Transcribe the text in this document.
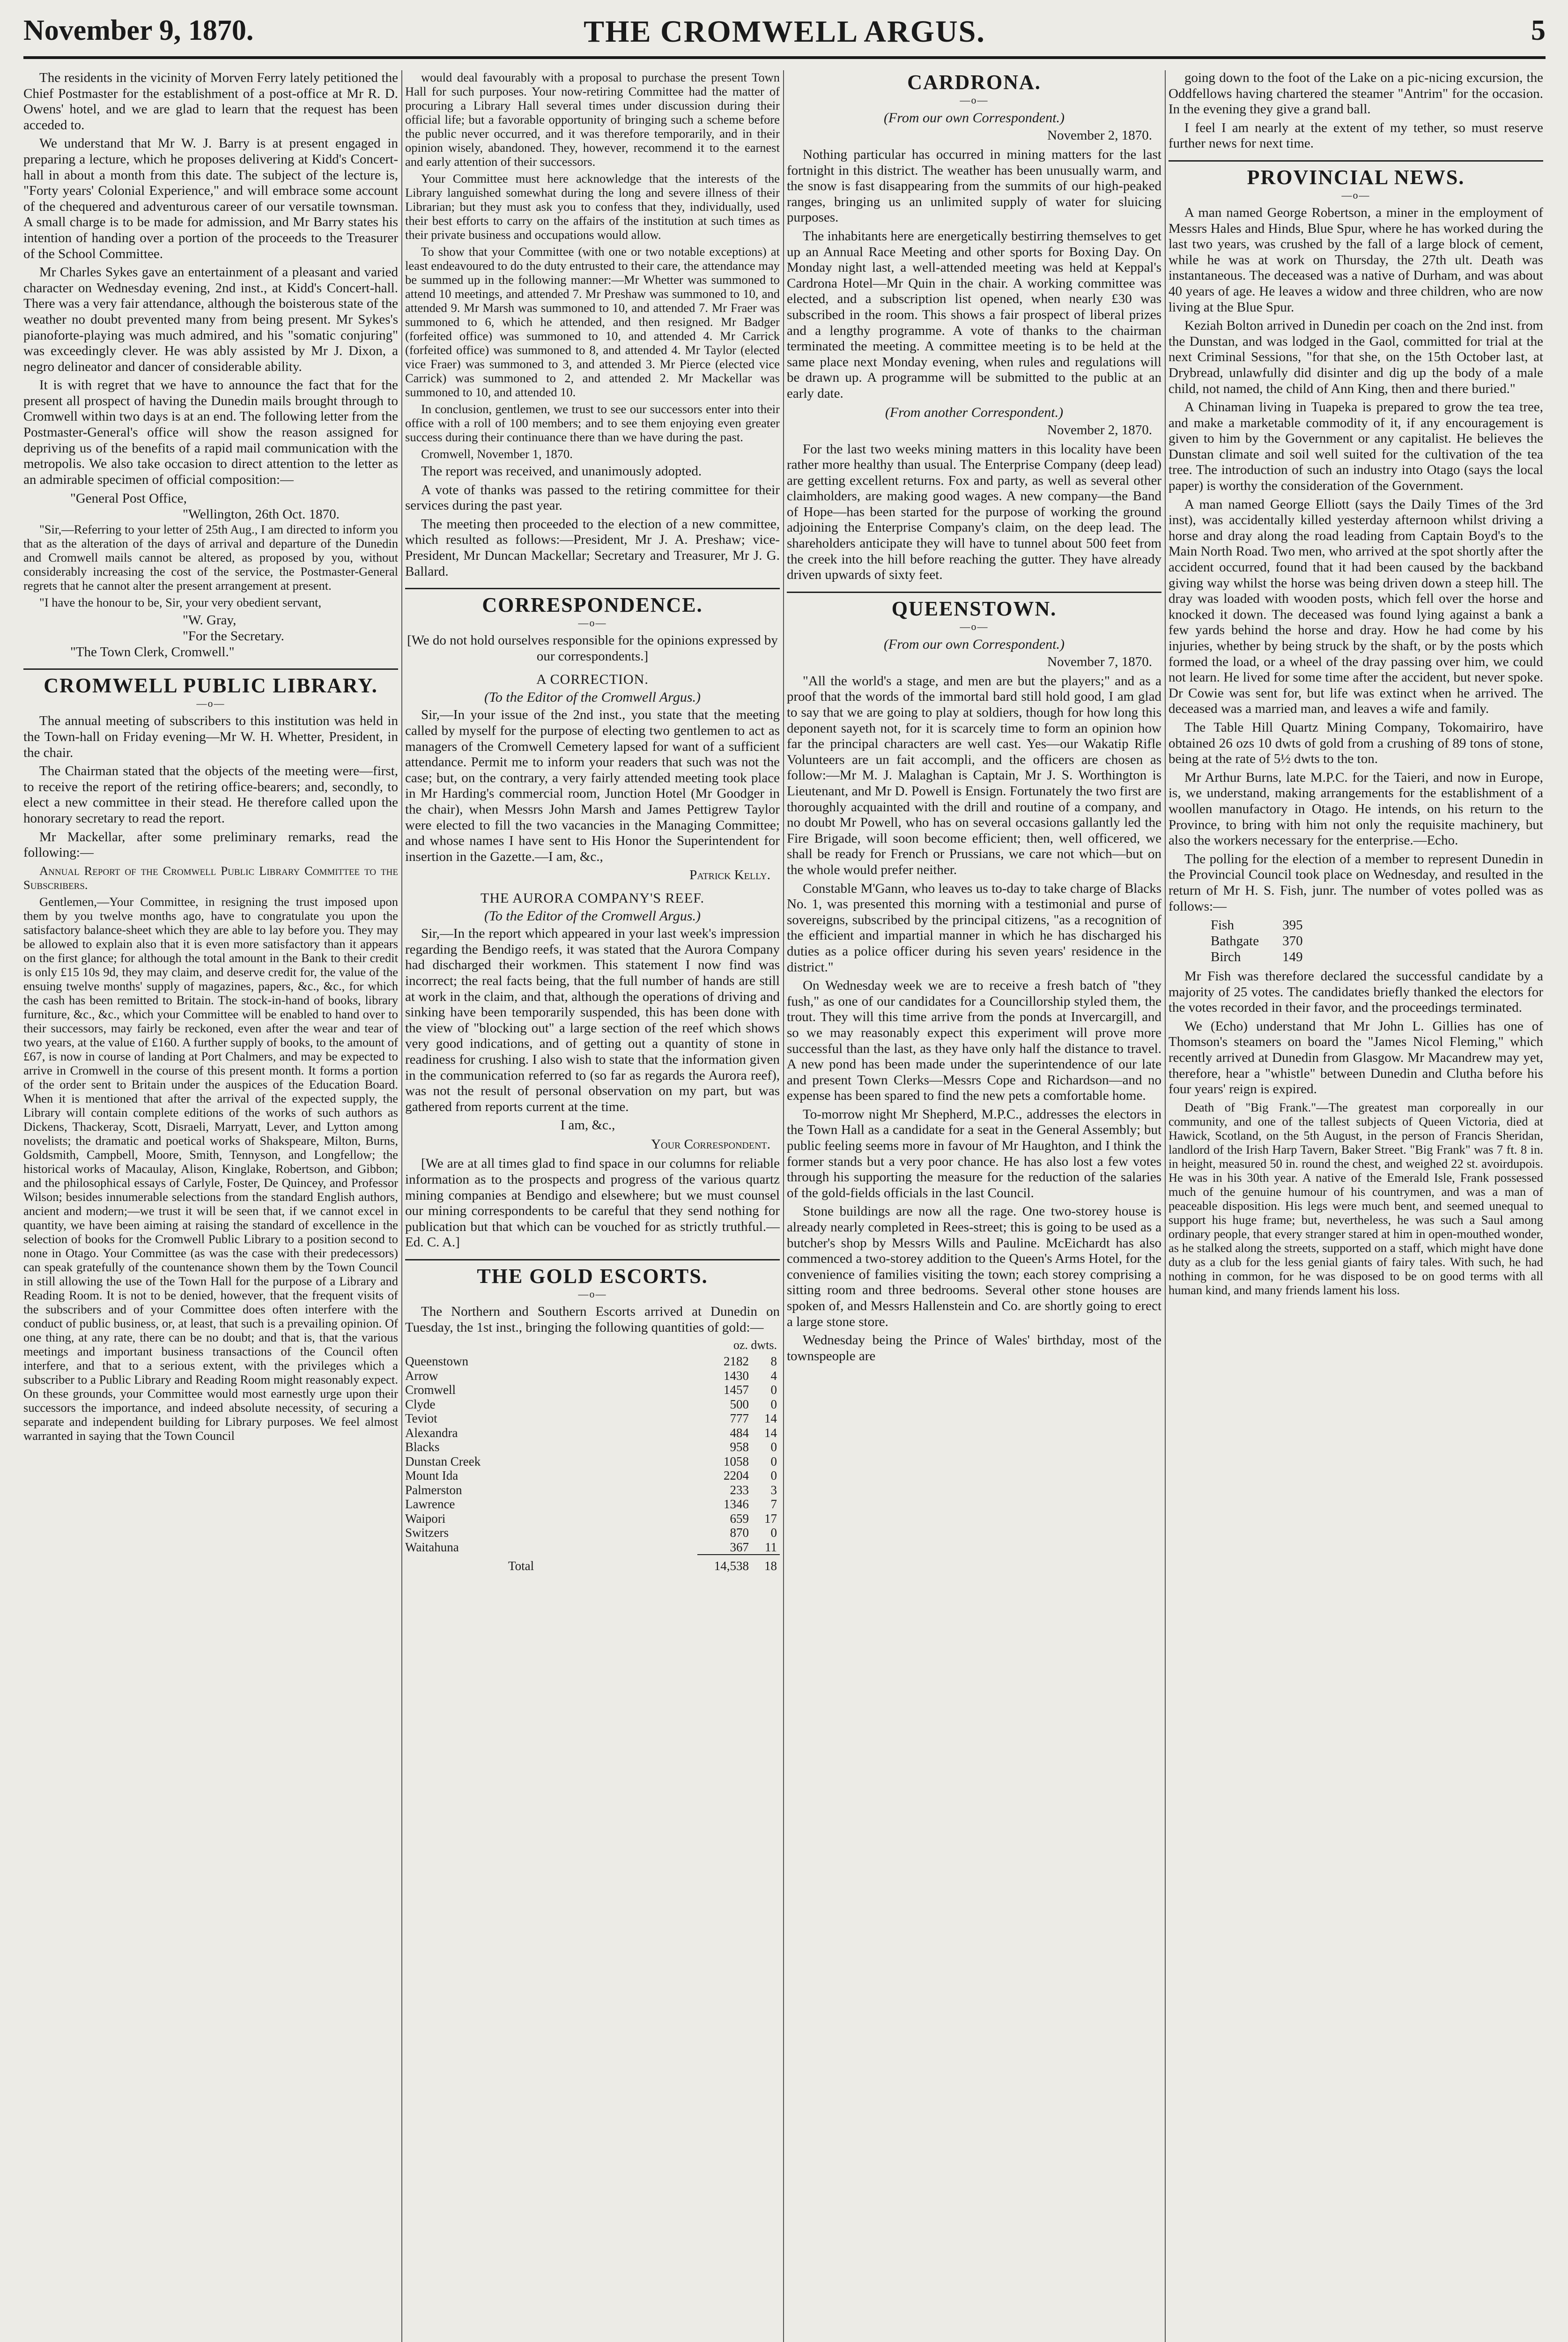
THE CROMWELL ARGUS.
November 9, 1870.	5

The residents in the vicinity of Morven Ferry lately petitioned the Chief Postmaster for the establishment of a post-office at Mr R. D. Owens' hotel, and we are glad to learn that the request has been acceded to.

We understand that Mr W. J. Barry is at present engaged in preparing a lecture, which he proposes delivering at Kidd's Concert-hall in about a month from this date. The subject of the lecture is, "Forty years' Colonial Experience," and will embrace some account of the chequered and adventurous career of our versatile townsman. A small charge is to be made for admission, and Mr Barry states his intention of handing over a portion of the proceeds to the Treasurer of the School Committee.

Mr Charles Sykes gave an entertainment of a pleasant and varied character on Wednesday evening, 2nd inst., at Kidd's Concert-hall. There was a very fair attendance, although the boisterous state of the weather no doubt prevented many from being present. Mr Sykes's pianoforte-playing was much admired, and his "somatic conjuring" was exceedingly clever. He was ably assisted by Mr J. Dixon, a negro delineator and dancer of considerable ability.

It is with regret that we have to announce the fact that for the present all prospect of having the Dunedin mails brought through to Cromwell within two days is at an end. The following letter from the Postmaster-General's office will show the reason assigned for depriving us of the benefits of a rapid mail communication with the metropolis. We also take occasion to direct attention to the letter as an admirable specimen of official composition:—

"General Post Office,

"Wellington, 26th Oct. 1870.

"Sir,—Referring to your letter of 25th Aug., I am directed to inform you that as the alteration of the days of arrival and departure of the Dunedin and Cromwell mails cannot be altered, as proposed by you, without considerably increasing the cost of the service, the Postmaster-General regrets that he cannot alter the present arrangement at present.

"I have the honour to be, Sir, your very obedient servant,

"W. Gray,

"For the Secretary.

"The Town Clerk, Cromwell."

CROMWELL PUBLIC LIBRARY.
—o—

The annual meeting of subscribers to this institution was held in the Town-hall on Friday evening—Mr W. H. Whetter, President, in the chair.

The Chairman stated that the objects of the meeting were—first, to receive the report of the retiring office-bearers; and, secondly, to elect a new committee in their stead. He therefore called upon the honorary secretary to read the report.

Mr Mackellar, after some preliminary remarks, read the following:—

Annual Report of the Cromwell Public Library Committee to the Subscribers.

Gentlemen,—Your Committee, in resigning the trust imposed upon them by you twelve months ago, have to congratulate you upon the satisfactory balance-sheet which they are able to lay before you. They may be allowed to explain also that it is even more satisfactory than it appears on the first glance; for although the total amount in the Bank to their credit is only £15 10s 9d, they may claim, and deserve credit for, the value of the ensuing twelve months' supply of magazines, papers, &c., &c., for which the cash has been remitted to Britain. The stock-in-hand of books, library furniture, &c., &c., which your Committee will be enabled to hand over to their successors, may fairly be reckoned, even after the wear and tear of two years, at the value of £160. A further supply of books, to the amount of £67, is now in course of landing at Port Chalmers, and may be expected to arrive in Cromwell in the course of this present month. It forms a portion of the order sent to Britain under the auspices of the Education Board. When it is mentioned that after the arrival of the expected supply, the Library will contain complete editions of the works of such authors as Dickens, Thackeray, Scott, Disraeli, Marryatt, Lever, and Lytton among novelists; the dramatic and poetical works of Shakspeare, Milton, Burns, Goldsmith, Campbell, Moore, Smith, Tennyson, and Longfellow; the historical works of Macaulay, Alison, Kinglake, Robertson, and Gibbon; and the philosophical essays of Carlyle, Foster, De Quincey, and Professor Wilson; besides innumerable selections from the standard English authors, ancient and modern;—we trust it will be seen that, if we cannot excel in quantity, we have been aiming at raising the standard of excellence in the selection of books for the Cromwell Public Library to a position second to none in Otago. Your Committee (as was the case with their predecessors) can speak gratefully of the countenance shown them by the Town Council in still allowing the use of the Town Hall for the purpose of a Library and Reading Room. It is not to be denied, however, that the frequent visits of the subscribers and of your Committee does often interfere with the conduct of public business, or, at least, that such is a prevailing opinion. Of one thing, at any rate, there can be no doubt; and that is, that the various meetings and important business transactions of the Council often interfere, and that to a serious extent, with the privileges which a subscriber to a Public Library and Reading Room might reasonably expect. On these grounds, your Committee would most earnestly urge upon their successors the importance, and indeed absolute necessity, of securing a separate and independent building for Library purposes. We feel almost warranted in saying that the Town Council

would deal favourably with a proposal to purchase the present Town Hall for such purposes. Your now-retiring Committee had the matter of procuring a Library Hall several times under discussion during their official life; but a favorable opportunity of bringing such a scheme before the public never occurred, and it was therefore temporarily, and in their opinion wisely, abandoned. They, however, recommend it to the earnest and early attention of their successors.

Your Committee must here acknowledge that the interests of the Library languished somewhat during the long and severe illness of their Librarian; but they must ask you to confess that they, individually, used their best efforts to carry on the affairs of the institution at such times as their private business and occupations would allow.

To show that your Committee (with one or two notable exceptions) at least endeavoured to do the duty entrusted to their care, the attendance may be summed up in the following manner:—Mr Whetter was summoned to attend 10 meetings, and attended 7. Mr Preshaw was summoned to 10, and attended 9. Mr Marsh was summoned to 10, and attended 7. Mr Fraer was summoned to 6, which he attended, and then resigned. Mr Badger (forfeited office) was summoned to 10, and attended 4. Mr Carrick (forfeited office) was summoned to 8, and attended 4. Mr Taylor (elected vice Fraer) was summoned to 3, and attended 3. Mr Pierce (elected vice Carrick) was summoned to 2, and attended 2. Mr Mackellar was summoned to 10, and attended 10.

In conclusion, gentlemen, we trust to see our successors enter into their office with a roll of 100 members; and to see them enjoying even greater success during their continuance there than we have during the past.

Cromwell, November 1, 1870.

The report was received, and unanimously adopted.

A vote of thanks was passed to the retiring committee for their services during the past year.

The meeting then proceeded to the election of a new committee, which resulted as follows:—President, Mr J. A. Preshaw; vice-President, Mr Duncan Mackellar; Secretary and Treasurer, Mr J. G. Ballard.

CORRESPONDENCE.
—o—

[We do not hold ourselves responsible for the opinions expressed by our correspondents.]

A CORRECTION.
(To the Editor of the Cromwell Argus.)

Sir,—In your issue of the 2nd inst., you state that the meeting called by myself for the purpose of electing two gentlemen to act as managers of the Cromwell Cemetery lapsed for want of a sufficient attendance. Permit me to inform your readers that such was not the case; but, on the contrary, a very fairly attended meeting took place in Mr Harding's commercial room, Junction Hotel (Mr Goodger in the chair), when Messrs John Marsh and James Pettigrew Taylor were elected to fill the two vacancies in the Managing Committee; and whose names I have sent to His Honor the Superintendent for insertion in the Gazette.—I am, &c.,

Patrick Kelly.
THE AURORA COMPANY'S REEF.
(To the Editor of the Cromwell Argus.)

Sir,—In the report which appeared in your last week's impression regarding the Bendigo reefs, it was stated that the Aurora Company had discharged their workmen. This statement I now find was incorrect; the real facts being, that the full number of hands are still at work in the claim, and that, although the operations of driving and sinking have been temporarily suspended, this has been done with the view of "blocking out" a large section of the reef which shows very good indications, and of getting out a quantity of stone in readiness for crushing. I also wish to state that the information given in the communication referred to (so far as regards the Aurora reef), was not the result of personal observation on my part, but was gathered from reports current at the time.

I am, &c.,
Your Correspondent.

[We are at all times glad to find space in our columns for reliable information as to the prospects and progress of the various quartz mining companies at Bendigo and elsewhere; but we must counsel our mining correspondents to be careful that they send nothing for publication but that which can be vouched for as strictly truthful.—Ed. C. A.]

THE GOLD ESCORTS.
—o—

The Northern and Southern Escorts arrived at Dunedin on Tuesday, the 1st inst., bringing the following quantities of gold:—

oz. dwts.
Queenstown	2182	8
Arrow	1430	4
Cromwell	1457	0
Clyde	500	0
Teviot	777	14
Alexandra	484	14
Blacks	958	0
Dunstan Creek	1058	0
Mount Ida	2204	0
Palmerston	233	3
Lawrence	1346	7
Waipori	659	17
Switzers	870	0
Waitahuna	367	11
Total	14,538	18
CARDRONA.
—o—
(From our own Correspondent.)
November 2, 1870.

Nothing particular has occurred in mining matters for the last fortnight in this district. The weather has been unusually warm, and the snow is fast disappearing from the summits of our high-peaked ranges, bringing us an unlimited supply of water for sluicing purposes.

The inhabitants here are energetically bestirring themselves to get up an Annual Race Meeting and other sports for Boxing Day. On Monday night last, a well-attended meeting was held at Keppal's Cardrona Hotel—Mr Quin in the chair. A working committee was elected, and a subscription list opened, when nearly £30 was subscribed in the room. This shows a fair prospect of liberal prizes and a lengthy programme. A vote of thanks to the chairman terminated the meeting. A committee meeting is to be held at the same place next Monday evening, when rules and regulations will be drawn up. A programme will be submitted to the public at an early date.

(From another Correspondent.)
November 2, 1870.

For the last two weeks mining matters in this locality have been rather more healthy than usual. The Enterprise Company (deep lead) are getting excellent returns. Fox and party, as well as several other claimholders, are making good wages. A new company—the Band of Hope—has been started for the purpose of working the ground adjoining the Enterprise Company's claim, on the deep lead. The shareholders anticipate they will have to tunnel about 500 feet from the creek into the hill before reaching the gutter. They have already driven upwards of sixty feet.

QUEENSTOWN.
—o—
(From our own Correspondent.)
November 7, 1870.

"All the world's a stage, and men are but the players;" and as a proof that the words of the immortal bard still hold good, I am glad to say that we are going to play at soldiers, though for how long this deponent sayeth not, for it is scarcely time to form an opinion how far the principal characters are well cast. Yes—our Wakatip Rifle Volunteers are un fait accompli, and the officers are chosen as follow:—Mr M. J. Malaghan is Captain, Mr J. S. Worthington is Lieutenant, and Mr D. Powell is Ensign. Fortunately the two first are thoroughly acquainted with the drill and routine of a company, and no doubt Mr Powell, who has on several occasions gallantly led the Fire Brigade, will soon become efficient; then, well officered, we shall be ready for French or Prussians, we care not which—but on the whole would prefer neither.

Constable M'Gann, who leaves us to-day to take charge of Blacks No. 1, was presented this morning with a testimonial and purse of sovereigns, subscribed by the principal citizens, "as a recognition of the efficient and impartial manner in which he has discharged his duties as a police officer during his seven years' residence in the district."

On Wednesday week we are to receive a fresh batch of "they fush," as one of our candidates for a Councillorship styled them, the trout. They will this time arrive from the ponds at Invercargill, and so we may reasonably expect this experiment will prove more successful than the last, as they have only half the distance to travel. A new pond has been made under the superintendence of our late and present Town Clerks—Messrs Cope and Richardson—and no expense has been spared to find the new pets a comfortable home.

To-morrow night Mr Shepherd, M.P.C., addresses the electors in the Town Hall as a candidate for a seat in the General Assembly; but public feeling seems more in favour of Mr Haughton, and I think the former stands but a very poor chance. He has also lost a few votes through his supporting the measure for the reduction of the salaries of the gold-fields officials in the last Council.

Stone buildings are now all the rage. One two-storey house is already nearly completed in Rees-street; this is going to be used as a butcher's shop by Messrs Wills and Pauline. McEichardt has also commenced a two-storey addition to the Queen's Arms Hotel, for the convenience of families visiting the town; each storey comprising a sitting room and three bedrooms. Several other stone houses are spoken of, and Messrs Hallenstein and Co. are shortly going to erect a large stone store.

Wednesday being the Prince of Wales' birthday, most of the townspeople are

going down to the foot of the Lake on a pic-nicing excursion, the Oddfellows having chartered the steamer "Antrim" for the occasion. In the evening they give a grand ball.

I feel I am nearly at the extent of my tether, so must reserve further news for next time.

PROVINCIAL NEWS.
—o—

A man named George Robertson, a miner in the employment of Messrs Hales and Hinds, Blue Spur, where he has worked during the last two years, was crushed by the fall of a large block of cement, while he was at work on Thursday, the 27th ult. Death was instantaneous. The deceased was a native of Durham, and was about 40 years of age. He leaves a widow and three children, who are now living at the Blue Spur.

Keziah Bolton arrived in Dunedin per coach on the 2nd inst. from the Dunstan, and was lodged in the Gaol, committed for trial at the next Criminal Sessions, "for that she, on the 15th October last, at Drybread, unlawfully did disinter and dig up the body of a male child, not named, the child of Ann King, then and there buried."

A Chinaman living in Tuapeka is prepared to grow the tea tree, and make a marketable commodity of it, if any encouragement is given to him by the Government or any capitalist. He believes the Dunstan climate and soil well suited for the cultivation of the tea tree. The introduction of such an industry into Otago (says the local paper) is worthy the consideration of the Government.

A man named George Elliott (says the Daily Times of the 3rd inst), was accidentally killed yesterday afternoon whilst driving a horse and dray along the road leading from Captain Boyd's to the Main North Road. Two men, who arrived at the spot shortly after the accident occurred, found that it had been caused by the backband giving way whilst the horse was being driven down a steep hill. The dray was loaded with wooden posts, which fell over the horse and knocked it down. The deceased was found lying against a bank a few yards behind the horse and dray. How he had come by his injuries, whether by being struck by the shaft, or by the posts which formed the load, or a wheel of the dray passing over him, we could not learn. He lived for some time after the accident, but never spoke. Dr Cowie was sent for, but life was extinct when he arrived. The deceased was a married man, and leaves a wife and family.

The Table Hill Quartz Mining Company, Tokomairiro, have obtained 26 ozs 10 dwts of gold from a crushing of 89 tons of stone, being at the rate of 5½ dwts to the ton.

Mr Arthur Burns, late M.P.C. for the Taieri, and now in Europe, is, we understand, making arrangements for the establishment of a woollen manufactory in Otago. He intends, on his return to the Province, to bring with him not only the requisite machinery, but also the workers necessary for the enterprise.—Echo.

The polling for the election of a member to represent Dunedin in the Provincial Council took place on Wednesday, and resulted in the return of Mr H. S. Fish, junr. The number of votes polled was as follows:—

Fish	395
Bathgate	370
Birch	149

Mr Fish was therefore declared the successful candidate by a majority of 25 votes. The candidates briefly thanked the electors for the votes recorded in their favor, and the proceedings terminated.

We (Echo) understand that Mr John L. Gillies has one of Thomson's steamers on board the "James Nicol Fleming," which recently arrived at Dunedin from Glasgow. Mr Macandrew may yet, therefore, hear a "whistle" between Dunedin and Clutha before his four years' reign is expired.

Death of "Big Frank."—The greatest man corporeally in our community, and one of the tallest subjects of Queen Victoria, died at Hawick, Scotland, on the 5th August, in the person of Francis Sheridan, landlord of the Irish Harp Tavern, Baker Street. "Big Frank" was 7 ft. 8 in. in height, measured 50 in. round the chest, and weighed 22 st. avoirdupois. He was in his 30th year. A native of the Emerald Isle, Frank possessed much of the genuine humour of his countrymen, and was a man of peaceable disposition. His legs were much bent, and seemed unequal to support his huge frame; but, nevertheless, he was such a Saul among ordinary people, that every stranger stared at him in open-mouthed wonder, as he stalked along the streets, supported on a staff, which might have done duty as a club for the less genial giants of fairy tales. With such, he had nothing in common, for he was disposed to be on good terms with all human kind, and many friends lament his loss.
